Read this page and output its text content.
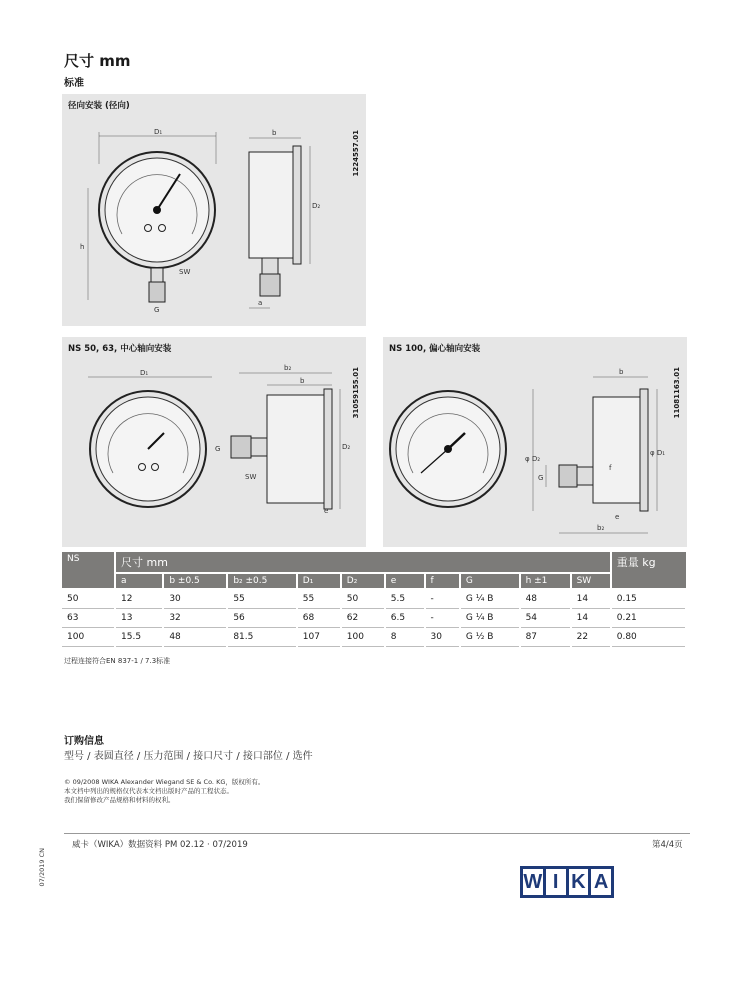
尺寸 mm
标准
径向安装 (径向)
1224557.01
D₁
h
SW
G
b
D₂
a
NS 50, 63, 中心轴向安装
31059155.01
D₁
b₂
b
G
SW
D₂
e
NS 100, 偏心轴向安装
11081163.01
b
φ D₂
φ D₁
G
f
e
b₂
NS	尺寸 mm										重量 kg
	a	b ±0.5	b₂ ±0.5	D₁	D₂	e	f	G	h ±1	SW	
50	12	30	55	55	50	5.5	-	G ¼ B	48	14	0.15
63	13	32	56	68	62	6.5	-	G ¼ B	54	14	0.21
100	15.5	48	81.5	107	100	8	30	G ½ B	87	22	0.80
过程连接符合EN 837-1 / 7.3标准
订购信息
型号 / 表圆直径 / 压力范围 / 接口尺寸 / 接口部位 / 选件
© 09/2008 WIKA Alexander Wiegand SE & Co. KG，版权所有。
本文档中列出的规格仅代表本文档出版时产品的工程状态。
我们保留修改产品规格和材料的权利。
威卡（WIKA）数据资料 PM 02.12 · 07/2019	第4/4页
07/2019 CN	W I K A
